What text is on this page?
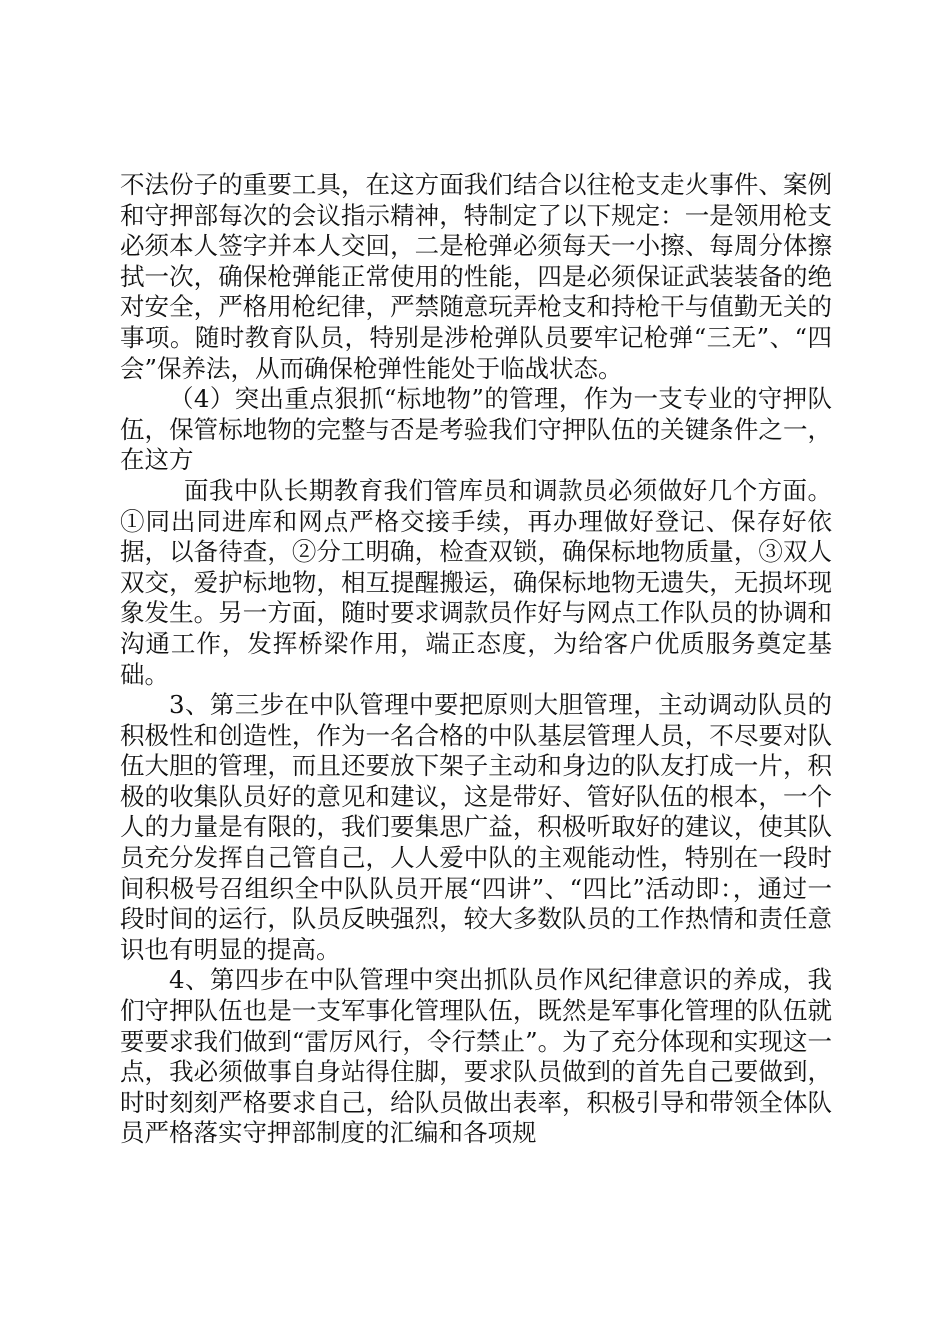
不法份子的重要工具，在这方面我们结合以往枪支走火事件、案例和守押部每次的会议指示精神，特制定了以下规定：一是领用枪支必须本人签字并本人交回，二是枪弹必须每天一小擦、每周分体擦拭一次，确保枪弹能正常使用的性能，四是必须保证武装装备的绝对安全，严格用枪纪律，严禁随意玩弄枪支和持枪干与值勤无关的事项。随时教育队员，特别是涉枪弹队员要牢记枪弹“三无”、“四会”保养法，从而确保枪弹性能处于临战状态。

（4）突出重点狠抓“标地物”的管理，作为一支专业的守押队伍，保管标地物的完整与否是考验我们守押队伍的关键条件之一，在这方

面我中队长期教育我们管库员和调款员必须做好几个方面。①同出同进库和网点严格交接手续，再办理做好登记、保存好依据，以备待查，②分工明确，检查双锁，确保标地物质量，③双人双交，爱护标地物，相互提醒搬运，确保标地物无遗失，无损坏现象发生。另一方面，随时要求调款员作好与网点工作队员的协调和沟通工作，发挥桥梁作用，端正态度，为给客户优质服务奠定基础。

3、第三步在中队管理中要把原则大胆管理，主动调动队员的积极性和创造性，作为一名合格的中队基层管理人员，不尽要对队伍大胆的管理，而且还要放下架子主动和身边的队友打成一片，积极的收集队员好的意见和建议，这是带好、管好队伍的根本，一个人的力量是有限的，我们要集思广益，积极听取好的建议，使其队员充分发挥自己管自己，人人爱中队的主观能动性，特别在一段时间积极号召组织全中队队员开展“四讲”、“四比”活动即：，通过一段时间的运行，队员反映强烈，较大多数队员的工作热情和责任意识也有明显的提高。

4、第四步在中队管理中突出抓队员作风纪律意识的养成，我们守押队伍也是一支军事化管理队伍，既然是军事化管理的队伍就要要求我们做到“雷厉风行，令行禁止”。为了充分体现和实现这一点，我必须做事自身站得住脚，要求队员做到的首先自己要做到，时时刻刻严格要求自己，给队员做出表率，积极引导和带领全体队员严格落实守押部制度的汇编和各项规
